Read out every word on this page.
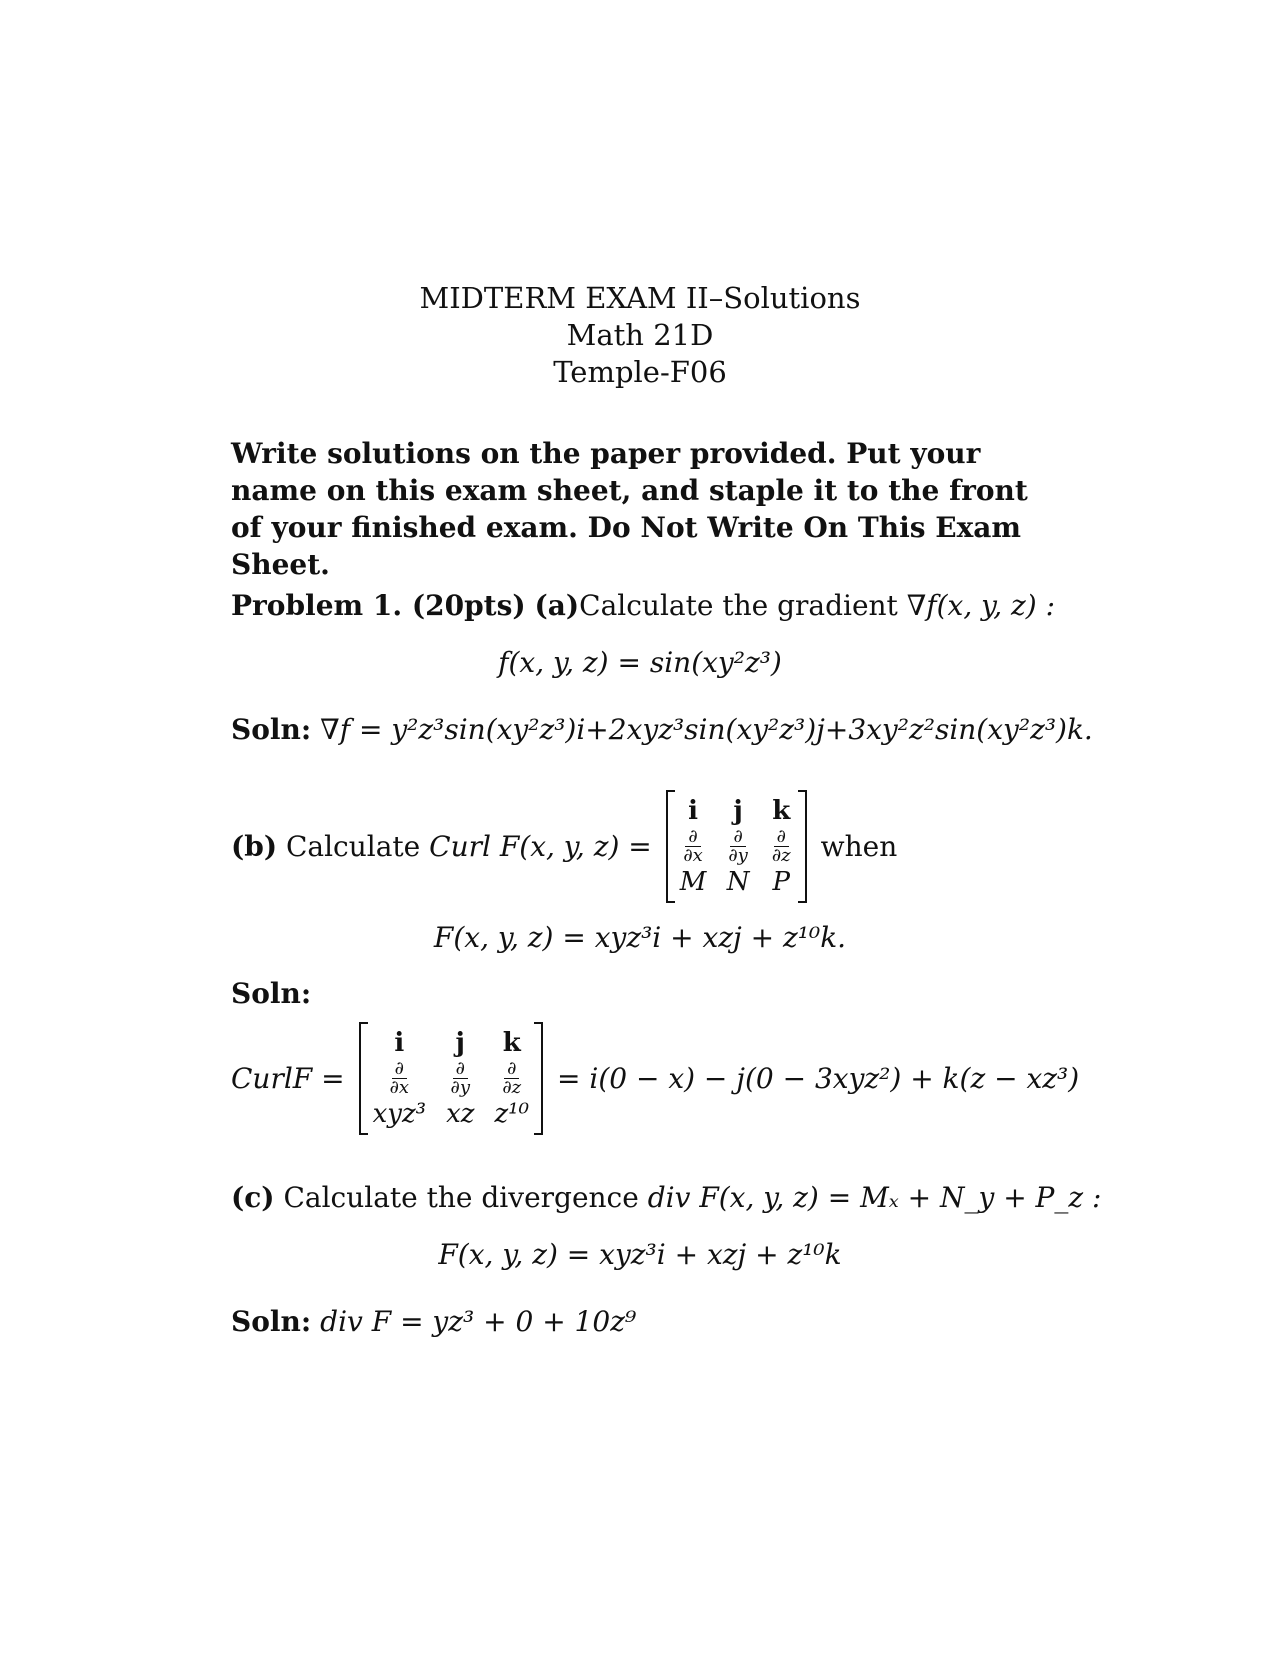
MIDTERM EXAM II–Solutions
Math 21D
Temple-F06
Write solutions on the paper provided. Put your name on this exam sheet, and staple it to the front of your finished exam. Do Not Write On This Exam Sheet.
Problem 1. (20pts) (a)Calculate the gradient ∇f(x, y, z) :
f(x, y, z) = sin(xy²z³)
Soln: ∇f = y²z³sin(xy²z³)i+2xyz³sin(xy²z³)j+3xy²z²sin(xy²z³)k.
(b) Calculate Curl F(x, y, z) =
i j k
$\frac{\partial}{\partial x} \frac{\partial}{\partial y} \frac{\partial}{\partial z}$
M N P
when
F(x, y, z) = xyz³i + xzj + z¹⁰k.
Soln:
CurlF =
i j k
$\frac{\partial}{\partial x} \frac{\partial}{\partial y} \frac{\partial}{\partial z}$
xyz³ xz z¹⁰
= i(0 − x) − j(0 − 3xyz²) + k(z − xz³)
(c) Calculate the divergence div F(x, y, z) = Mₓ + N_y + P_z :
F(x, y, z) = xyz³i + xzj + z¹⁰k
Soln: div F = yz³ + 0 + 10z⁹
